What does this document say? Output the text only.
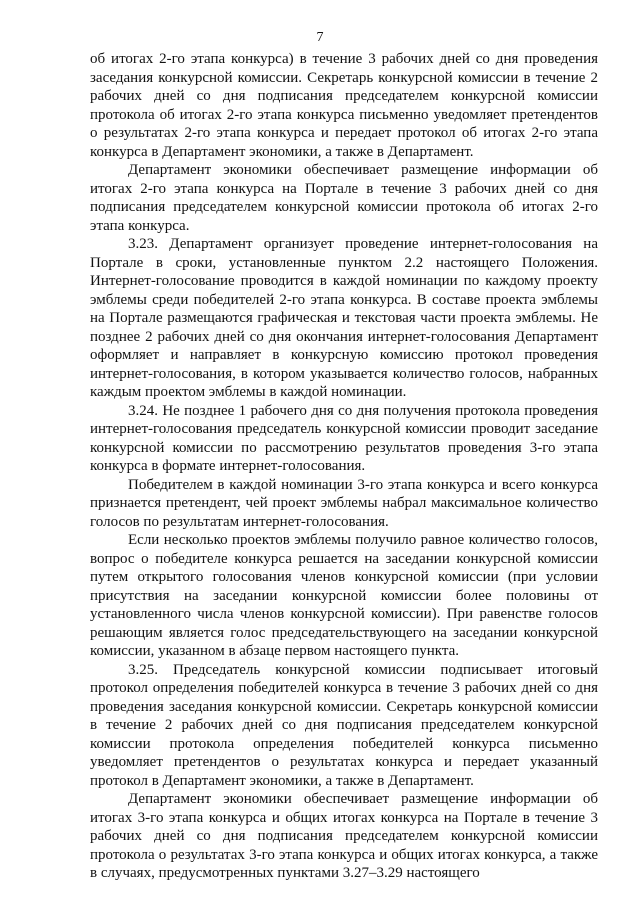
7

об итогах 2-го этапа конкурса) в течение 3 рабочих дней со дня проведения заседания конкурсной комиссии. Секретарь конкурсной комиссии в течение 2 рабочих дней со дня подписания председателем конкурсной комиссии протокола об итогах 2-го этапа конкурса письменно уведомляет претендентов о результатах 2-го этапа конкурса и передает протокол об итогах 2-го этапа конкурса в Департамент экономики, а также в Департамент.

Департамент экономики обеспечивает размещение информации об итогах 2-го этапа конкурса на Портале в течение 3 рабочих дней со дня подписания председателем конкурсной комиссии протокола об итогах 2-го этапа конкурса.

3.23. Департамент организует проведение интернет-голосования на Портале в сроки, установленные пунктом 2.2 настоящего Положения. Интернет-голосование проводится в каждой номинации по каждому проекту эмблемы среди победителей 2-го этапа конкурса. В составе проекта эмблемы на Портале размещаются графическая и текстовая части проекта эмблемы. Не позднее 2 рабочих дней со дня окончания интернет-голосования Департамент оформляет и направляет в конкурсную комиссию протокол проведения интернет-голосования, в котором указывается количество голосов, набранных каждым проектом эмблемы в каждой номинации.

3.24. Не позднее 1 рабочего дня со дня получения протокола проведения интернет-голосования председатель конкурсной комиссии проводит заседание конкурсной комиссии по рассмотрению результатов проведения 3-го этапа конкурса в формате интернет-голосования.

Победителем в каждой номинации 3-го этапа конкурса и всего конкурса признается претендент, чей проект эмблемы набрал максимальное количество голосов по результатам интернет-голосования.

Если несколько проектов эмблемы получило равное количество голосов, вопрос о победителе конкурса решается на заседании конкурсной комиссии путем открытого голосования членов конкурсной комиссии (при условии присутствия на заседании конкурсной комиссии более половины от установленного числа членов конкурсной комиссии). При равенстве голосов решающим является голос председательствующего на заседании конкурсной комиссии, указанном в абзаце первом настоящего пункта.

3.25. Председатель конкурсной комиссии подписывает итоговый протокол определения победителей конкурса в течение 3 рабочих дней со дня проведения заседания конкурсной комиссии. Секретарь конкурсной комиссии в течение 2 рабочих дней со дня подписания председателем конкурсной комиссии протокола определения победителей конкурса письменно уведомляет претендентов о результатах конкурса и передает указанный протокол в Департамент экономики, а также в Департамент.

Департамент экономики обеспечивает размещение информации об итогах 3-го этапа конкурса и общих итогах конкурса на Портале в течение 3 рабочих дней со дня подписания председателем конкурсной комиссии протокола о результатах 3-го этапа конкурса и общих итогах конкурса, а также в случаях, предусмотренных пунктами 3.27–3.29 настоящего
